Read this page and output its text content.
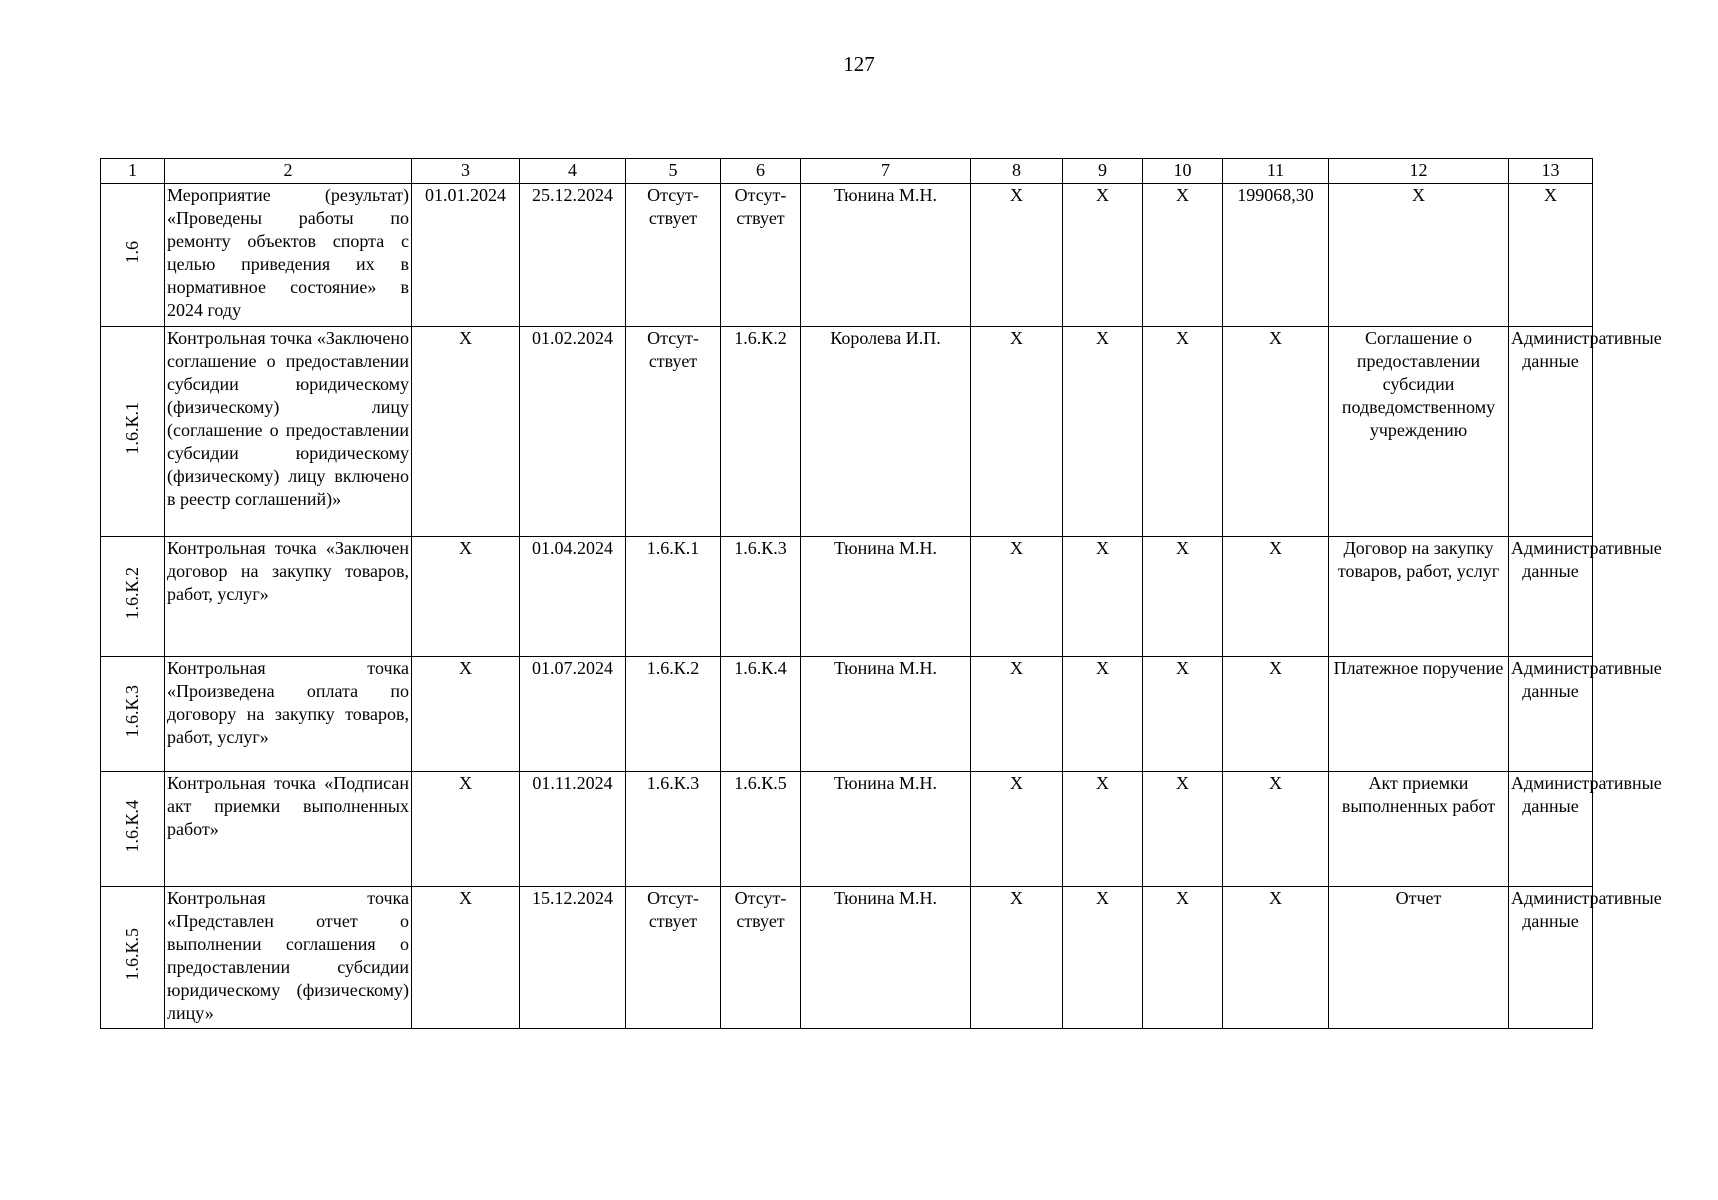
127
1	2	3	4	5	6	7	8	9	10	11	12	13
1.6	Мероприятие (результат) «Проведены работы по ремонту объектов спорта с целью приведения их в нормативное состояние» в 2024 году	01.01.2024	25.12.2024	Отсут-ствует	Отсут-ствует	Тюнина М.Н.	X	X	X	199068,30	X	X
1.6.К.1	Контрольная точка «Заключено соглашение о предоставлении субсидии юридическому (физическому) лицу (соглашение о предоставлении субсидии юридическому (физическому) лицу включено в реестр соглашений)»	X	01.02.2024	Отсут-ствует	1.6.К.2	Королева И.П.	X	X	X	X	Соглашение о предоставлении субсидии подведомственному учреждению	Административные данные
1.6.К.2	Контрольная точка «Заключен договор на закупку товаров, работ, услуг»	X	01.04.2024	1.6.К.1	1.6.К.3	Тюнина М.Н.	X	X	X	X	Договор на закупку товаров, работ, услуг	Административные данные
1.6.К.3	Контрольная точка «Произведена оплата по договору на закупку товаров, работ, услуг»	X	01.07.2024	1.6.К.2	1.6.К.4	Тюнина М.Н.	X	X	X	X	Платежное поручение	Административные данные
1.6.К.4	Контрольная точка «Подписан акт приемки выполненных работ»	X	01.11.2024	1.6.К.3	1.6.К.5	Тюнина М.Н.	X	X	X	X	Акт приемки выполненных работ	Административные данные
1.6.К.5	Контрольная точка «Представлен отчет о выполнении соглашения о предоставлении субсидии юридическому (физическому) лицу»	X	15.12.2024	Отсут-ствует	Отсут-ствует	Тюнина М.Н.	X	X	X	X	Отчет	Административные данные
